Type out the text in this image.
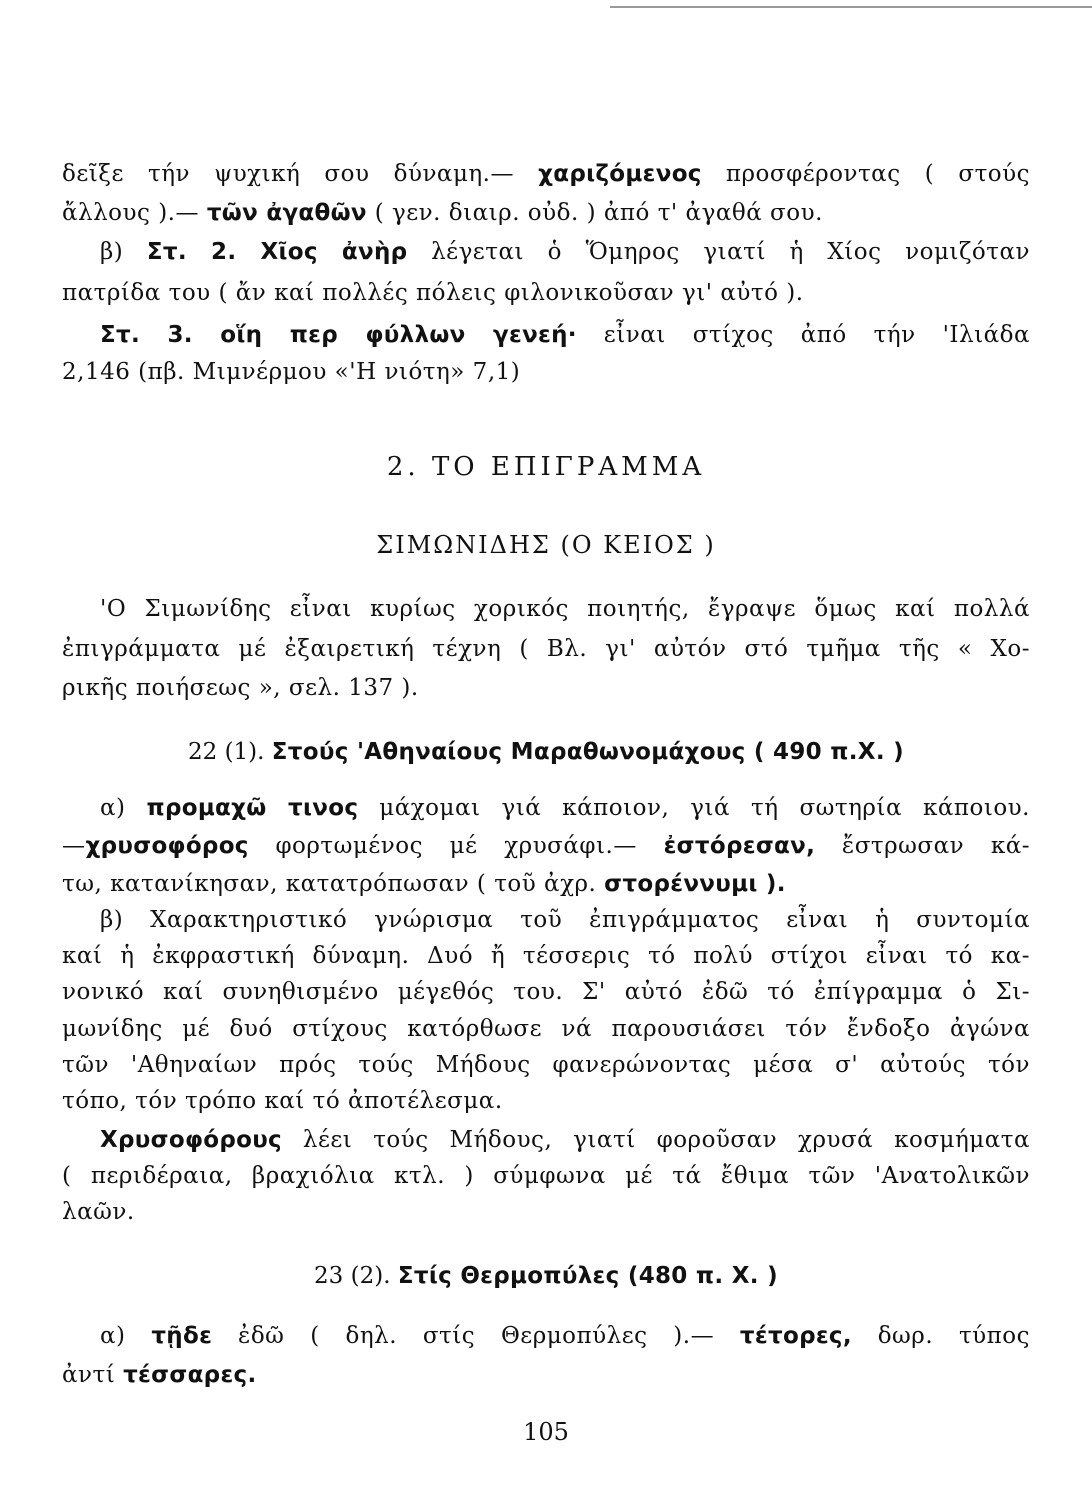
δεῖξε τήν ψυχική σου δύναμη.— χαριζόμενος προσφέροντας ( στούς
ἄλλους ).— τῶν ἀγαθῶν ( γεν. διαιρ. οὐδ. ) ἀπό τ' ἀγαθά σου.
β) Στ. 2. Χῖος ἀνὴρ λέγεται ὁ Ὅμηρος γιατί ἡ Χίος νομιζόταν
πατρίδα του ( ἄν καί πολλές πόλεις φιλονικοῦσαν γι' αὐτό ).
Στ. 3. οἵη περ φύλλων γενεή· εἶναι στίχος ἀπό τήν 'Ιλιάδα
2,146 (πβ. Μιμνέρμου «'Η νιότη» 7,1)
2. ΤΟ ΕΠΙΓΡΑΜΜΑ
ΣΙΜΩΝΙΔΗΣ (Ο ΚΕΙΟΣ )
'Ο Σιμωνίδης εἶναι κυρίως χορικός ποιητής, ἔγραψε ὅμως καί πολλά
ἐπιγράμματα μέ ἐξαιρετική τέχνη ( Βλ. γι' αὐτόν στό τμῆμα τῆς « Χο-
ρικῆς ποιήσεως », σελ. 137 ).
22 (1). Στούς 'Αθηναίους Μαραθωνομάχους ( 490 π.Χ. )
α) προμαχῶ τινος μάχομαι γιά κάποιον, γιά τή σωτηρία κάποιου.
—χρυσοφόρος φορτωμένος μέ χρυσάφι.— ἐστόρεσαν, ἔστρωσαν κά-
τω, κατανίκησαν, κατατρόπωσαν ( τοῦ ἀχρ. στορέννυμι ).
β) Χαρακτηριστικό γνώρισμα τοῦ ἐπιγράμματος εἶναι ἡ συντομία
καί ἡ ἐκφραστική δύναμη. Δυό ἤ τέσσερις τό πολύ στίχοι εἶναι τό κα-
νονικό καί συνηθισμένο μέγεθός του. Σ' αὐτό ἐδῶ τό ἐπίγραμμα ὁ Σι-
μωνίδης μέ δυό στίχους κατόρθωσε νά παρουσιάσει τόν ἔνδοξο ἀγώνα
τῶν 'Αθηναίων πρός τούς Μήδους φανερώνοντας μέσα σ' αὐτούς τόν
τόπο, τόν τρόπο καί τό ἀποτέλεσμα.
Χρυσοφόρους λέει τούς Μήδους, γιατί φοροῦσαν χρυσά κοσμήματα
( περιδέραια, βραχιόλια κτλ. ) σύμφωνα μέ τά ἔθιμα τῶν 'Ανατολικῶν
λαῶν.
23 (2). Στίς Θερμοπύλες (480 π. Χ. )
α) τῇδε ἐδῶ ( δηλ. στίς Θερμοπύλες ).— τέτορες, δωρ. τύπος
ἀντί τέσσαρες.
105
